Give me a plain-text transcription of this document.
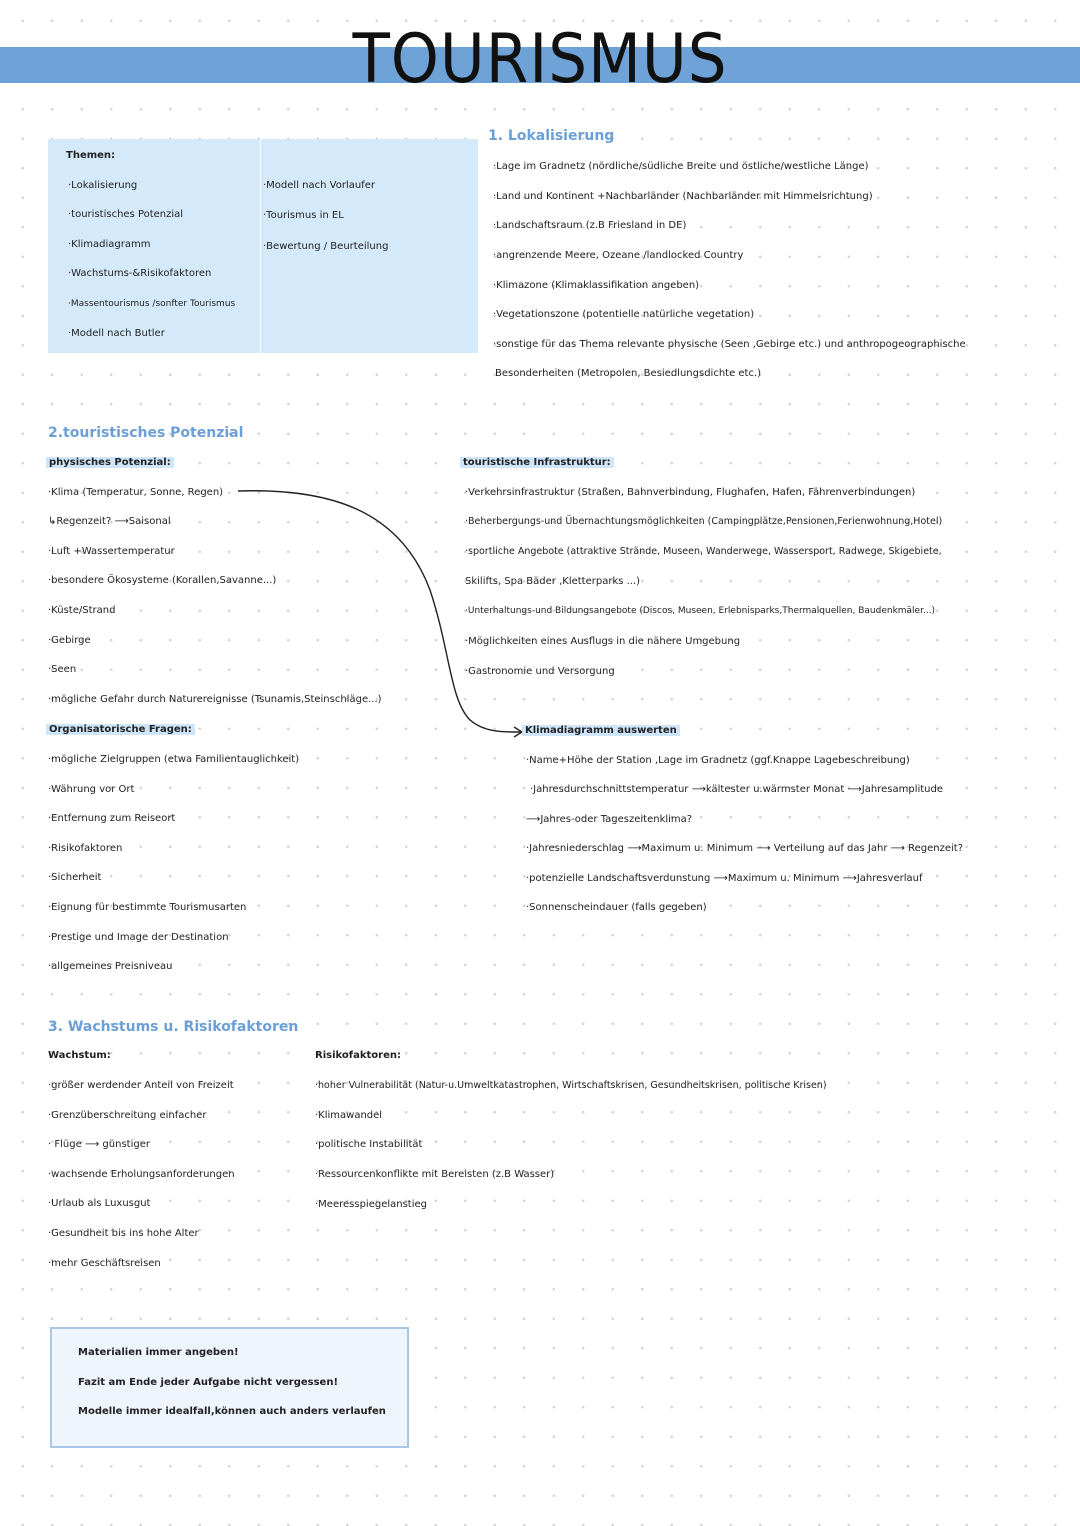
TOURISMUS
Themen:
·Lokalisierung
·touristisches Potenzial
·Klimadiagramm
·Wachstums-&Risikofaktoren
·Massentourismus /sonfter Tourismus
·Modell nach Butler
·Modell nach Vorlaufer
·Tourismus in EL
·Bewertung / Beurteilung
1. Lokalisierung
·Lage im Gradnetz (nördliche/südliche Breite und östliche/westliche Länge)
·Land und Kontinent +Nachbarländer (Nachbarländer mit Himmelsrichtung)
·Landschaftsraum (z.B Friesland in DE)
·angrenzende Meere, Ozeane /landlocked Country
·Klimazone (Klimaklassifikation angeben)
·Vegetationszone (potentielle natürliche vegetation)
·sonstige für das Thema relevante physische (Seen ,Gebirge etc.) und anthropogeographische
Besonderheiten (Metropolen, Besiedlungsdichte etc.)
2.touristisches Potenzial
physisches Potenzial:
·Klima (Temperatur, Sonne, Regen)
↳Regenzeit? ⟶Saisonal
·Luft +Wassertemperatur
·besondere Ökosysteme (Korallen,Savanne...)
·Küste/Strand
·Gebirge
·Seen
·mögliche Gefahr durch Naturereignisse (Tsunamis,Steinschläge...)
Organisatorische Fragen:
·mögliche Zielgruppen (etwa Familientauglichkeit)
·Währung vor Ort
·Entfernung zum Reiseort
·Risikofaktoren
·Sicherheit
·Eignung für bestimmte Tourismusarten
·Prestige und Image der Destination
·allgemeines Preisniveau
touristische Infrastruktur:
·Verkehrsinfrastruktur (Straßen, Bahnverbindung, Flughafen, Hafen, Fährenverbindungen)
·Beherbergungs-und Übernachtungsmöglichkeiten (Campingplätze,Pensionen,Ferienwohnung,Hotel)
·sportliche Angebote (attraktive Strände, Museen, Wanderwege, Wassersport, Radwege, Skigebiete,
Skilifts, Spa Bäder ,Kletterparks ...)
·Unterhaltungs-und Bildungsangebote (Discos, Museen, Erlebnisparks,Thermalquellen, Baudenkmäler...)
·Möglichkeiten eines Ausflugs in die nähere Umgebung
·Gastronomie und Versorgung
Klimadiagramm auswerten
·Name+Höhe der Station ,Lage im Gradnetz (ggf.Knappe Lagebeschreibung)
·Jahresdurchschnittstemperatur ⟶kältester u.wärmster Monat ⟶Jahresamplitude
⟶Jahres-oder Tageszeitenklima?
·Jahresniederschlag ⟶Maximum u. Minimum ⟶ Verteilung auf das Jahr ⟶ Regenzeit?
·potenzielle Landschaftsverdunstung ⟶Maximum u. Minimum ⟶Jahresverlauf
·Sonnenscheindauer (falls gegeben)
3. Wachstums u. Risikofaktoren
Wachstum:
·größer werdender Anteil von Freizeit
·Grenzüberschreitung einfacher
· Flüge ⟶ günstiger
·wachsende Erholungsanforderungen
·Urlaub als Luxusgut
·Gesundheit bis ins hohe Alter
·mehr Geschäftsreisen
Risikofaktoren:
·hoher Vulnerabilität (Natur-u.Umweltkatastrophen, Wirtschaftskrisen, Gesundheitskrisen, politische Krisen)
·Klimawandel
·politische Instabilität
·Ressourcenkonflikte mit Bereisten (z.B Wasser)
·Meeresspiegelanstieg
Materialien immer angeben!
Fazit am Ende jeder Aufgabe nicht vergessen!
Modelle immer idealfall,können auch anders verlaufen
